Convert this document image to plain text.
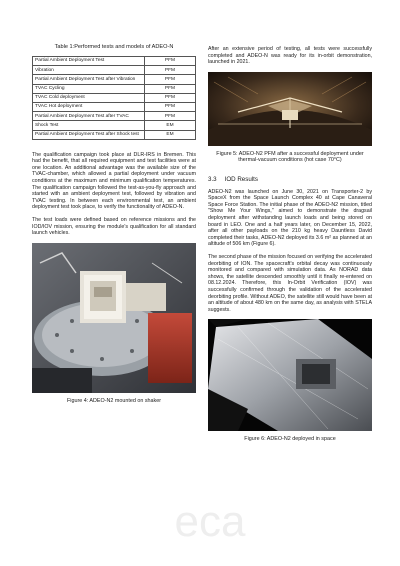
Table 1:Performed tests and models of ADEO-N

Partial Ambient Deployment Test	PFM
Vibration	PFM
Partial Ambient Deployment Test after Vibration	PFM
TVAC Cycling	PFM
TVAC Cold deployment	PFM
TVAC Hot deployment	PFM
Partial Ambient Deployment Test after TVAC	PFM
Shock Test	EM
Partial Ambient Deployment Test after Shock test	EM

The qualification campaign took place at DLR-IRS in Bremen. This had the benefit, that all required equipment and test facilities were at one location. An additional advantage was the available size of the TVAC-chamber, which allowed a partial deployment under vacuum conditions at the maximum and minimum qualification temperatures. The qualification campaign followed the test-as-you-fly approach and started with an ambient deployment test, followed by vibration and TVAC testing. In between each environmental test, an ambient deployment test took place, to verify the functionality of ADEO-N.

The test loads were defined based on reference missions and the IOD/IOV mission, ensuring the module's qualification for all standard launch vehicles.

Figure 4: ADEO-N2 mounted on shaker

After an extensive period of testing, all tests were successfully completed and ADEO-N was ready for its in-orbit demonstration, launched in 2021.

Figure 5: ADEO-N2 PFM after a successful deployment under thermal-vacuum conditions (hot case 70°C)

3.3 IOD Results

ADEO-N2 was launched on June 30, 2021 on Transporter-2 by SpaceX from the Space Launch Complex 40 at Cape Canaveral Space Force Station. The initial phase of the ADEO-N2 mission, titled "Show Me Your Wings," aimed to demonstrate the dragsail deployment after withstanding launch loads and being stored on board in LEO. One and a half years later, on December 15, 2022, after all other payloads on the 210 kg heavy Dauntless David completed their tasks, ADEO-N2 deployed its 3.6 m² as planned at an altitude of 506 km (Figure 6).

The second phase of the mission focused on verifying the accelerated deorbiting of ION. The spacecraft's orbital decay was continuously monitored and compared with simulation data. As NORAD data shows, the satellite descended smoothly until it finally re-entered on 08.12.2024. Therefore, this In-Orbit Verification (IOV) was successfully confirmed through the validation of the accelerated deorbiting profile. Without ADEO, the satellite still would have been at an altitude of about 480 km on the same day, as analysis with STELA suggests.

Figure 6: ADEO-N2 deployed in space

eca
